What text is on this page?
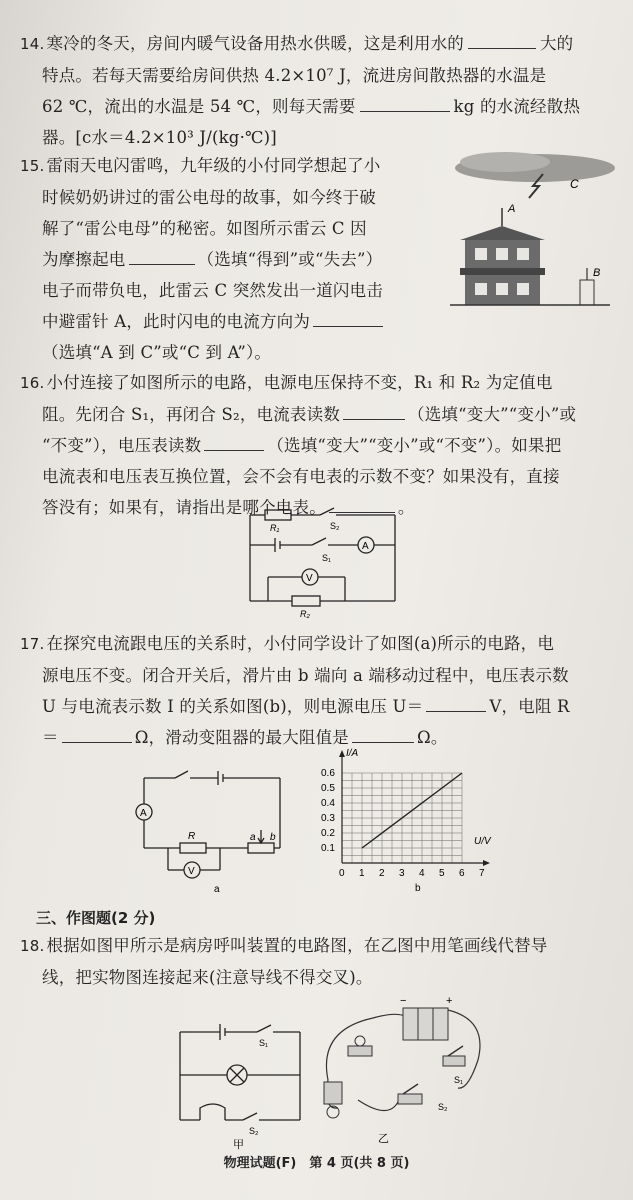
14. 寒冷的冬天，房间内暖气设备用热水供暖，这是利用水的	大的
特点。若每天需要给房间供热 4.2×10⁷ J，流进房间散热器的水温是
62 ℃，流出的水温是 54 ℃，则每天需要	kg 的水流经散热
器。[c水＝4.2×10³ J/(kg·℃)]
15. 雷雨天电闪雷鸣，九年级的小付同学想起了小
时候奶奶讲过的雷公电母的故事，如今终于破
解了“雷公电母”的秘密。如图所示雷云 C 因
为摩擦起电	（选填“得到”或“失去”）
电子而带负电，此雷云 C 突然发出一道闪电击
中避雷针 A，此时闪电的电流方向为
（选填“A 到 C”或“C 到 A”）。
C
A
B
16. 小付连接了如图所示的电路，电源电压保持不变，R₁ 和 R₂ 为定值电
阻。先闭合 S₁，再闭合 S₂，电流表读数	（选填“变大”“变小”或
“不变”），电压表读数	（选填“变大”“变小”或“不变”）。如果把
电流表和电压表互换位置，会不会有电表的示数不变？如果没有，直接
答没有；如果有，请指出是哪个电表。	。
R₁	S₂
S₁
A
V
R₂
17. 在探究电流跟电压的关系时，小付同学设计了如图(a)所示的电路，电
源电压不变。闭合开关后，滑片由 b 端向 a 端移动过程中，电压表示数
U 与电流表示数 I 的关系如图(b)，则电源电压 U＝	V，电阻 R
＝	Ω，滑动变阻器的最大阻值是	Ω。
A
V
R	a b
a
0 1 2 3 4 5 6 7
0.1
0.2
0.3
0.4
0.5
0.6
I/A
U/V
b
三、作图题(2 分)
18. 根据如图甲所示是病房呼叫装置的电路图，在乙图中用笔画线代替导
线，把实物图连接起来(注意导线不得交叉)。
S₁
S₂
甲
−	+
S₁
S₂
乙
物理试题(F)　第 4 页(共 8 页)
